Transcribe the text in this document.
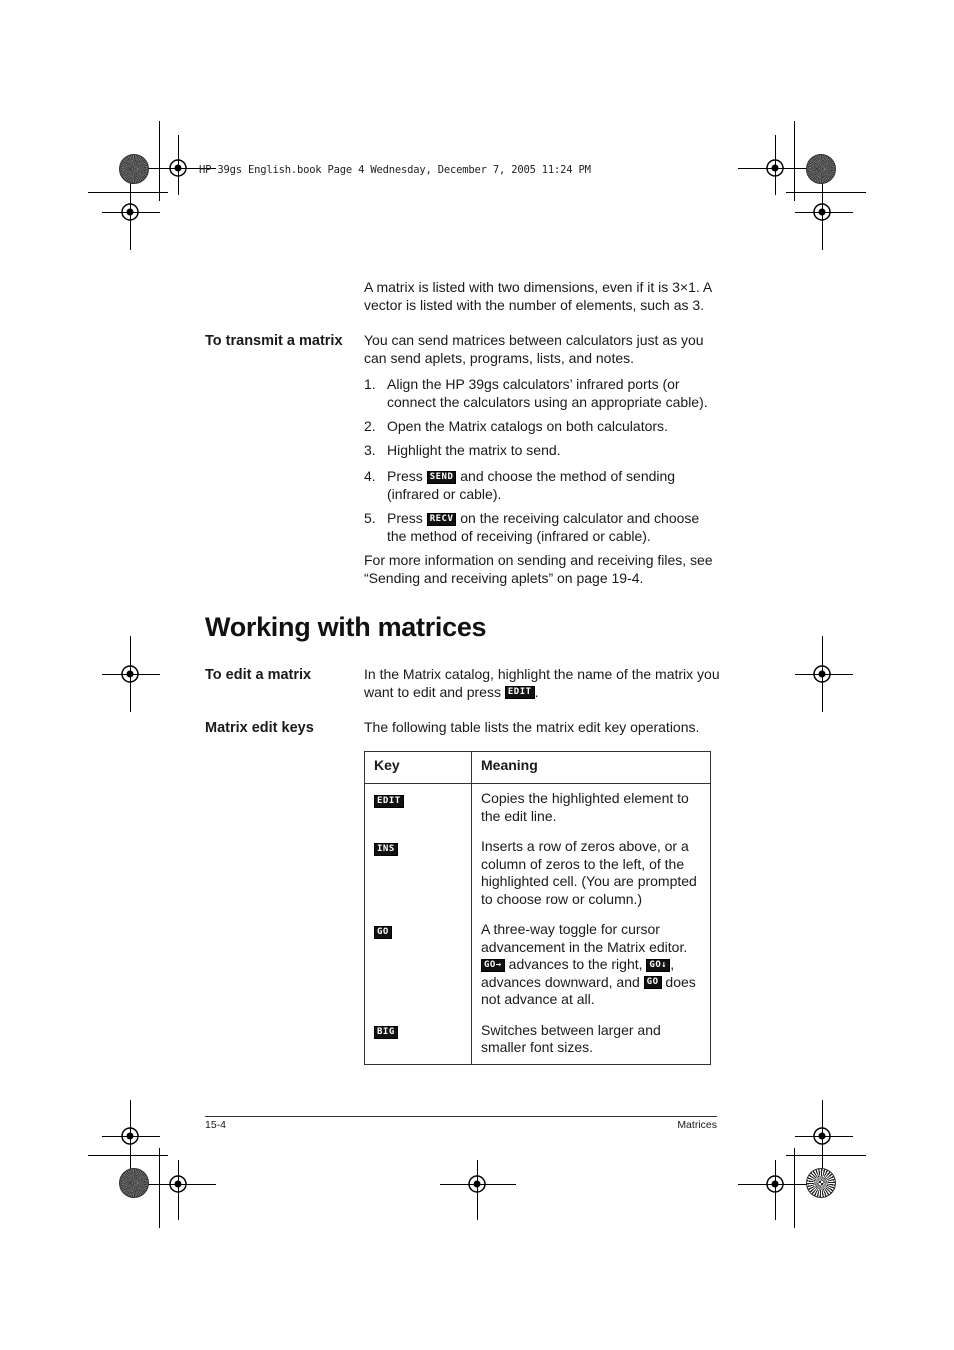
HP 39gs English.book Page 4 Wednesday, December 7, 2005 11:24 PM
A matrix is listed with two dimensions, even if it is 3×1. A vector is listed with the number of elements, such as 3.
To transmit a matrix You can send matrices between calculators just as you can send aplets, programs, lists, and notes.
1. Align the HP 39gs calculators’ infrared ports (or connect the calculators using an appropriate cable).
2. Open the Matrix catalogs on both calculators.
3. Highlight the matrix to send.
4. Press SEND and choose the method of sending (infrared or cable).
5. Press RECV on the receiving calculator and choose the method of receiving (infrared or cable).
For more information on sending and receiving files, see “Sending and receiving aplets” on page 19-4.
Working with matrices
To edit a matrix	In the Matrix catalog, highlight the name of the matrix you want to edit and press EDIT .
Matrix edit keys	The following table lists the matrix edit key operations.
Key	Meaning
EDIT	Copies the highlighted element to the edit line.
INS	Inserts a row of zeros above, or a column of zeros to the left, of the highlighted cell. (You are prompted to choose row or column.)
GO	A three-way toggle for cursor advancement in the Matrix editor. GO→ advances to the right, GO↓ , advances downward, and GO does not advance at all.
BIG	Switches between larger and smaller font sizes.
15-4	Matrices
